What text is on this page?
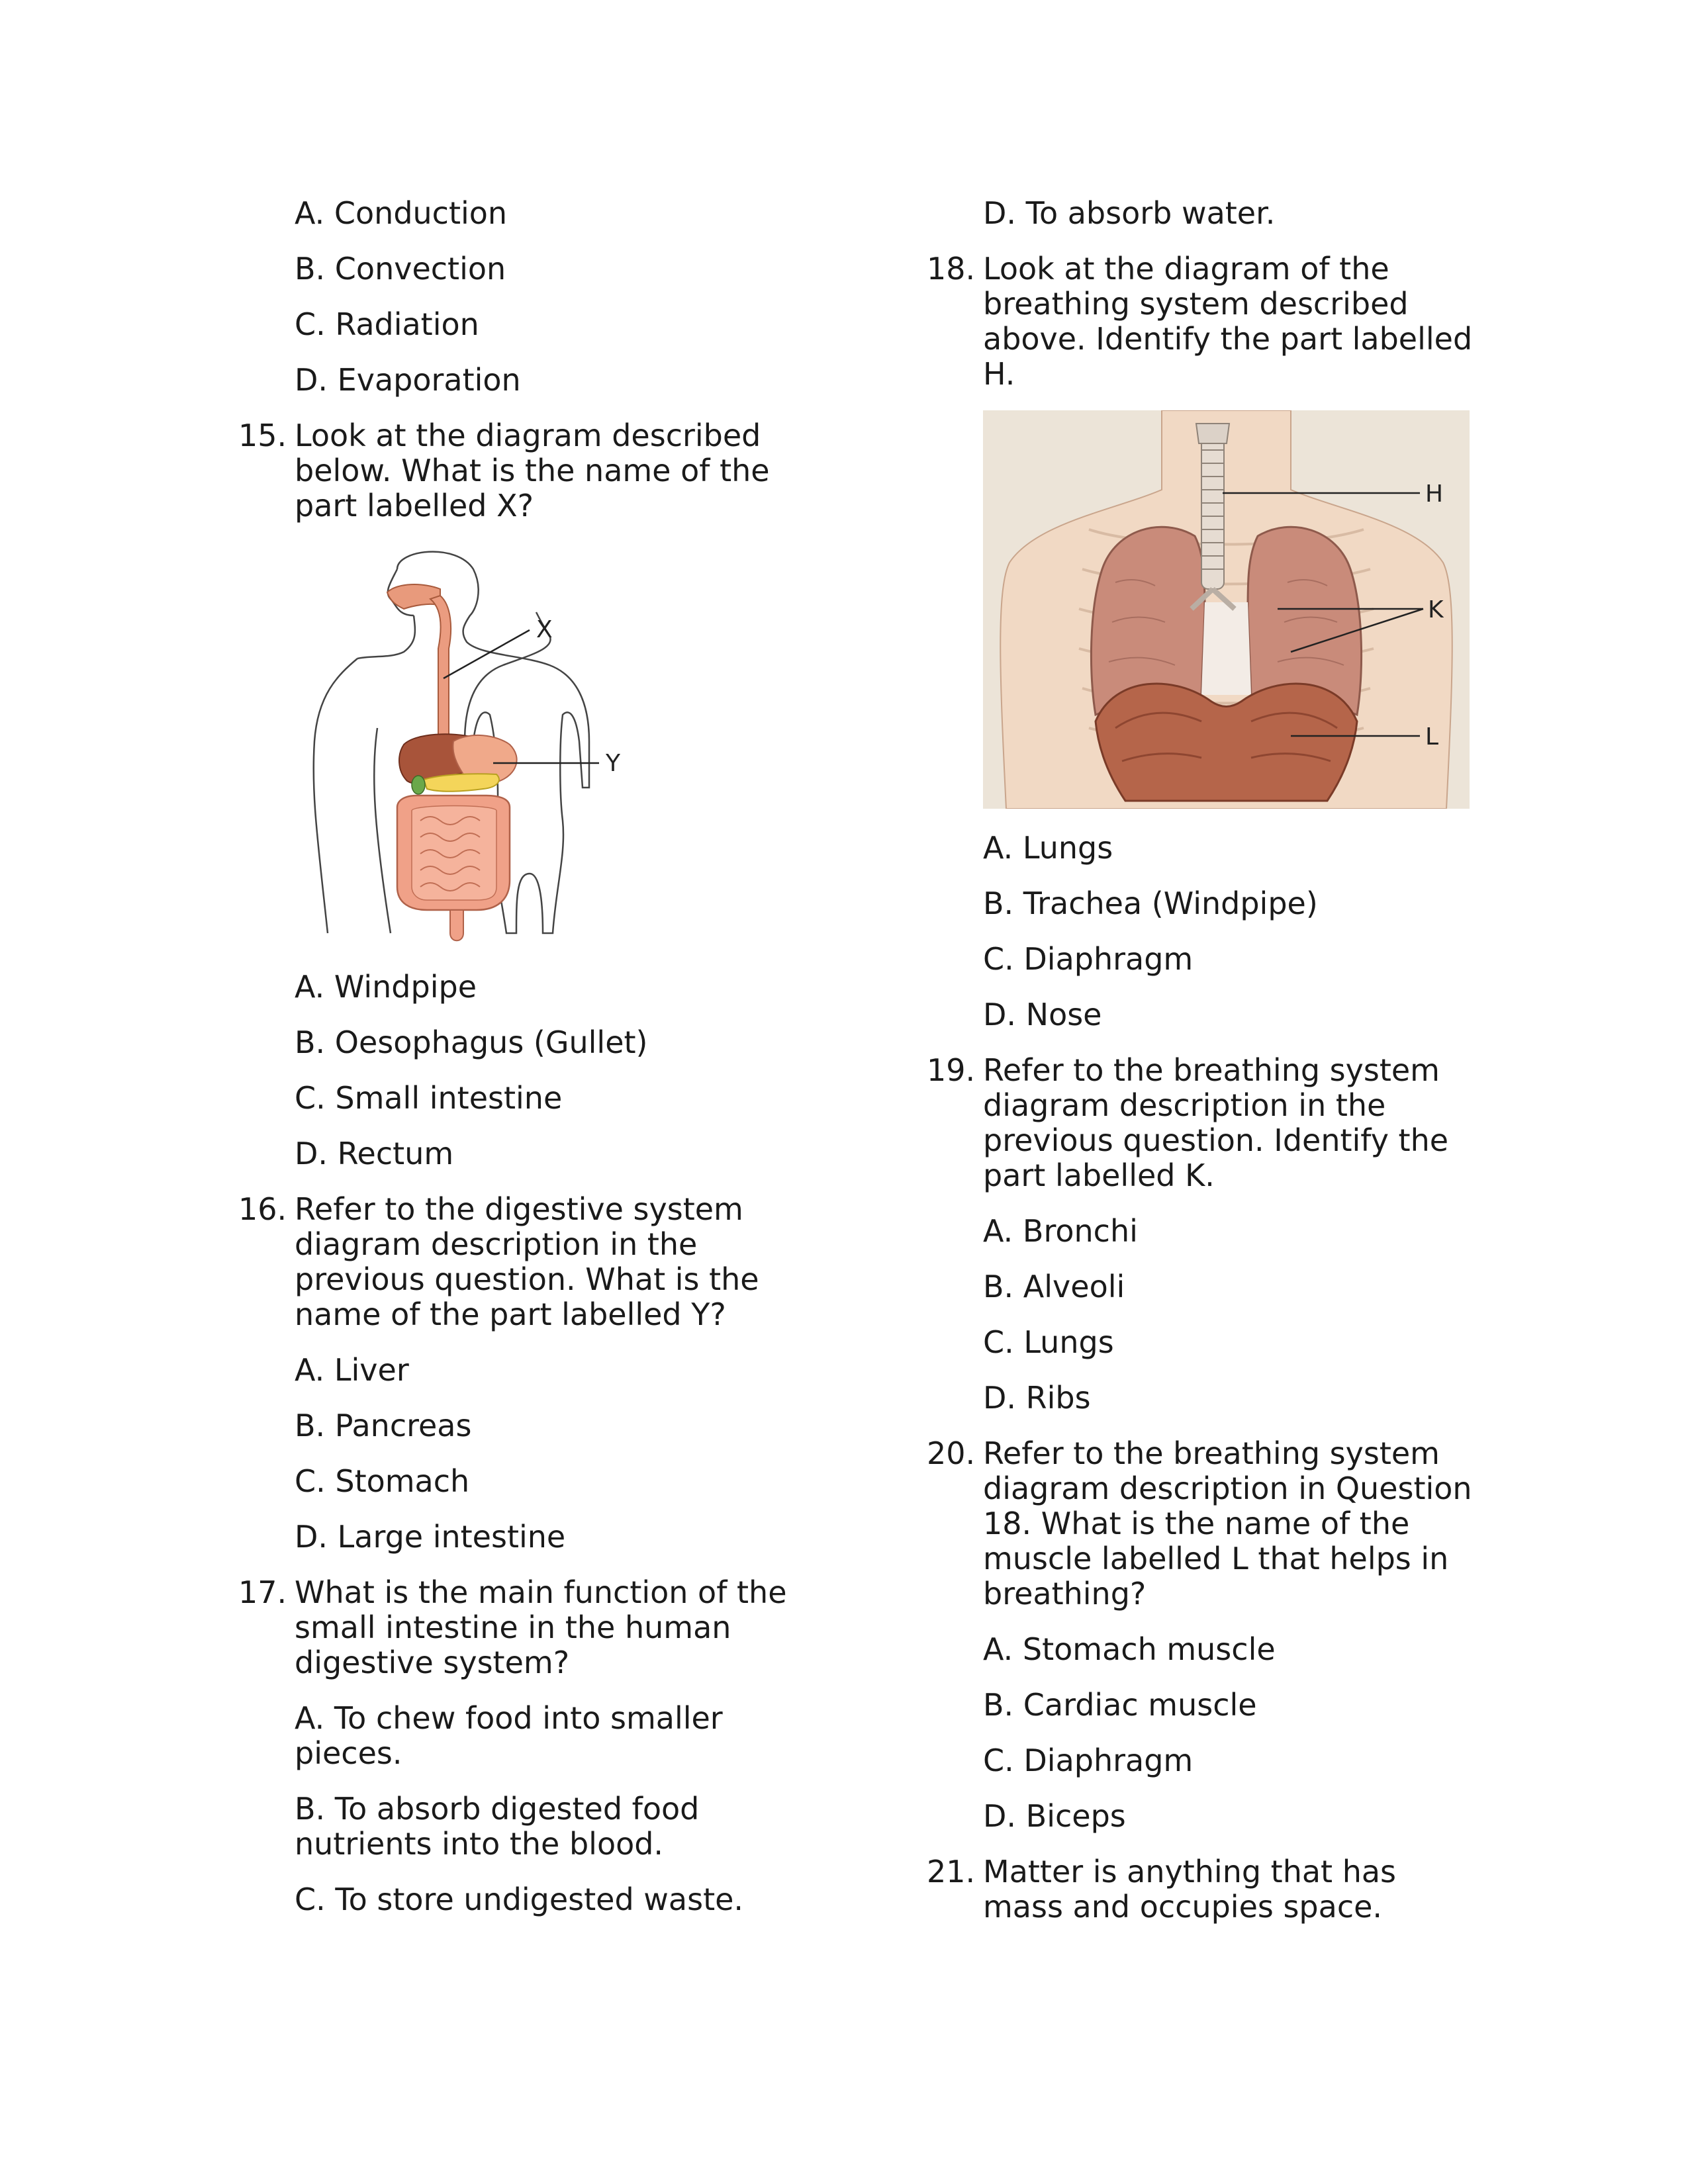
A. Conduction
B. Convection
C. Radiation
D. Evaporation
15. Look at the diagram described
below. What is the name of the
part labelled X?
X
Y
A. Windpipe
B. Oesophagus (Gullet)
C. Small intestine
D. Rectum
16. Refer to the digestive system
diagram description in the
previous question. What is the
name of the part labelled Y?
A. Liver
B. Pancreas
C. Stomach
D. Large intestine
17. What is the main function of the
small intestine in the human
digestive system?
A. To chew food into smaller
pieces.
B. To absorb digested food
nutrients into the blood.
C. To store undigested waste.
D. To absorb water.
18. Look at the diagram of the
breathing system described
above. Identify the part labelled
H.
H
K
L
A. Lungs
B. Trachea (Windpipe)
C. Diaphragm
D. Nose
19. Refer to the breathing system
diagram description in the
previous question. Identify the
part labelled K.
A. Bronchi
B. Alveoli
C. Lungs
D. Ribs
20. Refer to the breathing system
diagram description in Question
18. What is the name of the
muscle labelled L that helps in
breathing?
A. Stomach muscle
B. Cardiac muscle
C. Diaphragm
D. Biceps
21. Matter is anything that has
mass and occupies space.
